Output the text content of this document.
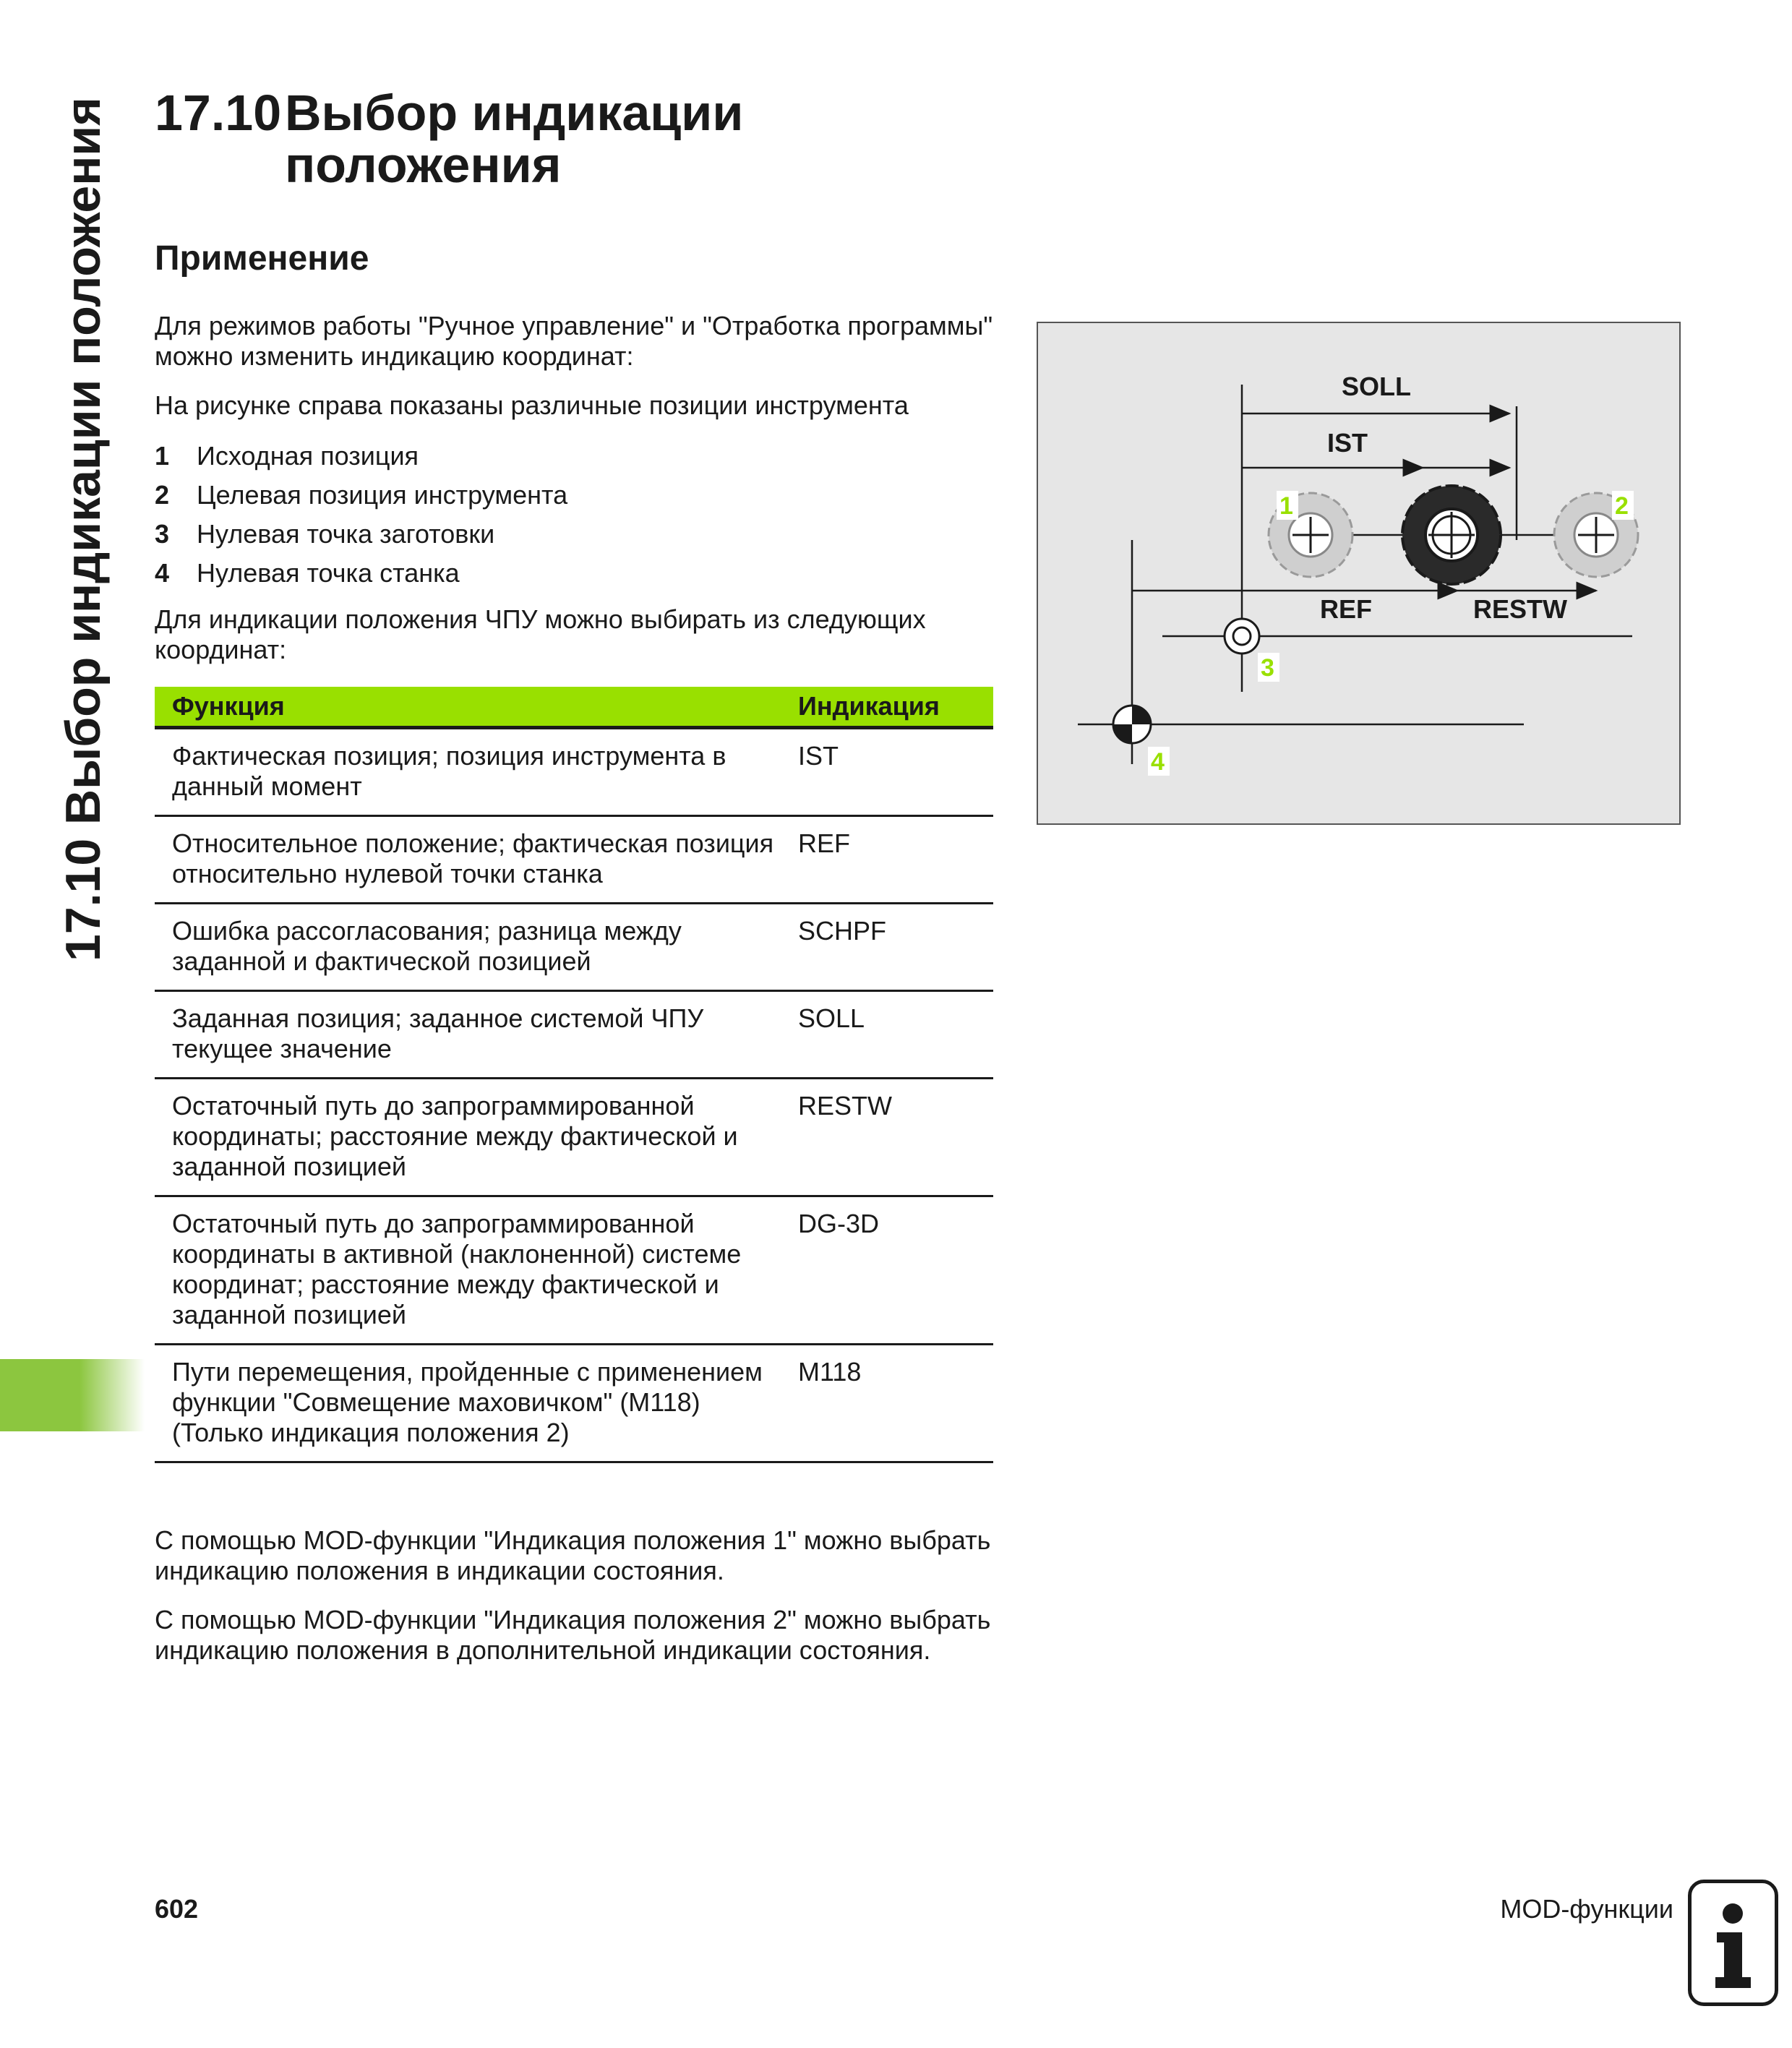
17.10 Выбор индикации положения 17.10 Выбор индикации положения
Применение
Для режимов работы "Ручное управление" и "Отработка программы" можно изменить индикацию координат:
На рисунке справа показаны различные позиции инструмента
1	Исходная позиция
2	Целевая позиция инструмента
3	Нулевая точка заготовки
4	Нулевая точка станка
Для индикации положения ЧПУ можно выбирать из следующих координат:
Функция	Индикация
Фактическая позиция; позиция инструмента в данный момент	IST
Относительное положение; фактическая позиция относительно нулевой точки станка	REF
Ошибка рассогласования; разница между заданной и фактической позицией	SCHPF
Заданная позиция; заданное системой ЧПУ текущее значение	SOLL
Остаточный путь до запрограммированной координаты; расстояние между фактической и заданной позицией	RESTW
Остаточный путь до запрограммированной координаты в активной (наклоненной) системе координат; расстояние между фактической и заданной позицией	DG-3D
Пути перемещения, пройденные с применением функции "Совмещение маховичком" (M118)
(Только индикация положения 2)	M118
С помощью MOD-функции "Индикация положения 1" можно выбрать индикацию положения в индикации состояния.
С помощью MOD-функции "Индикация положения 2" можно выбрать индикацию положения в дополнительной индикации состояния.
SOLL
IST
REF	RESTW
1	2
3
4
602	MOD-функции
